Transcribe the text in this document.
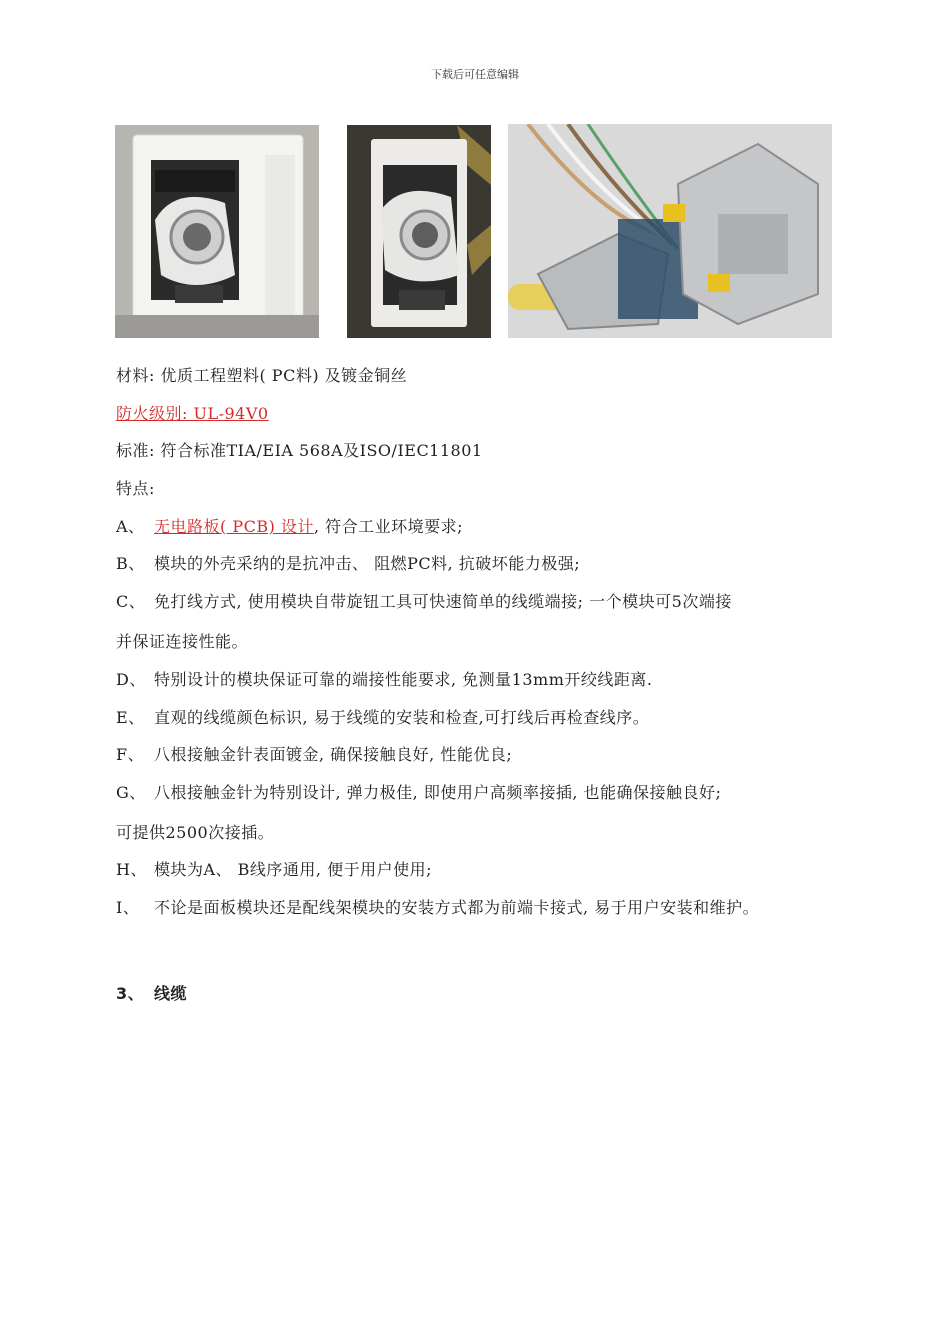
下载后可任意编辑
材料: 优质工程塑料( PC料) 及镀金铜丝
防火级别: UL-94V0
标准: 符合标准TIA/EIA 568A及ISO/IEC11801
特点:
A、 无电路板( PCB) 设计, 符合工业环境要求;
B、 模块的外壳采纳的是抗冲击、 阻燃PC料, 抗破坏能力极强;
C、 免打线方式, 使用模块自带旋钮工具可快速简单的线缆端接; 一个模块可5次端接
并保证连接性能。
D、 特别设计的模块保证可靠的端接性能要求, 免测量13mm开绞线距离.
E、 直观的线缆颜色标识, 易于线缆的安装和检查,可打线后再检查线序。
F、 八根接触金针表面镀金, 确保接触良好, 性能优良;
G、 八根接触金针为特别设计, 弹力极佳, 即使用户高频率接插, 也能确保接触良好;
可提供2500次接插。
H、 模块为A、 B线序通用, 便于用户使用;
I、 不论是面板模块还是配线架模块的安装方式都为前端卡接式, 易于用户安装和维护。
3、 线缆
